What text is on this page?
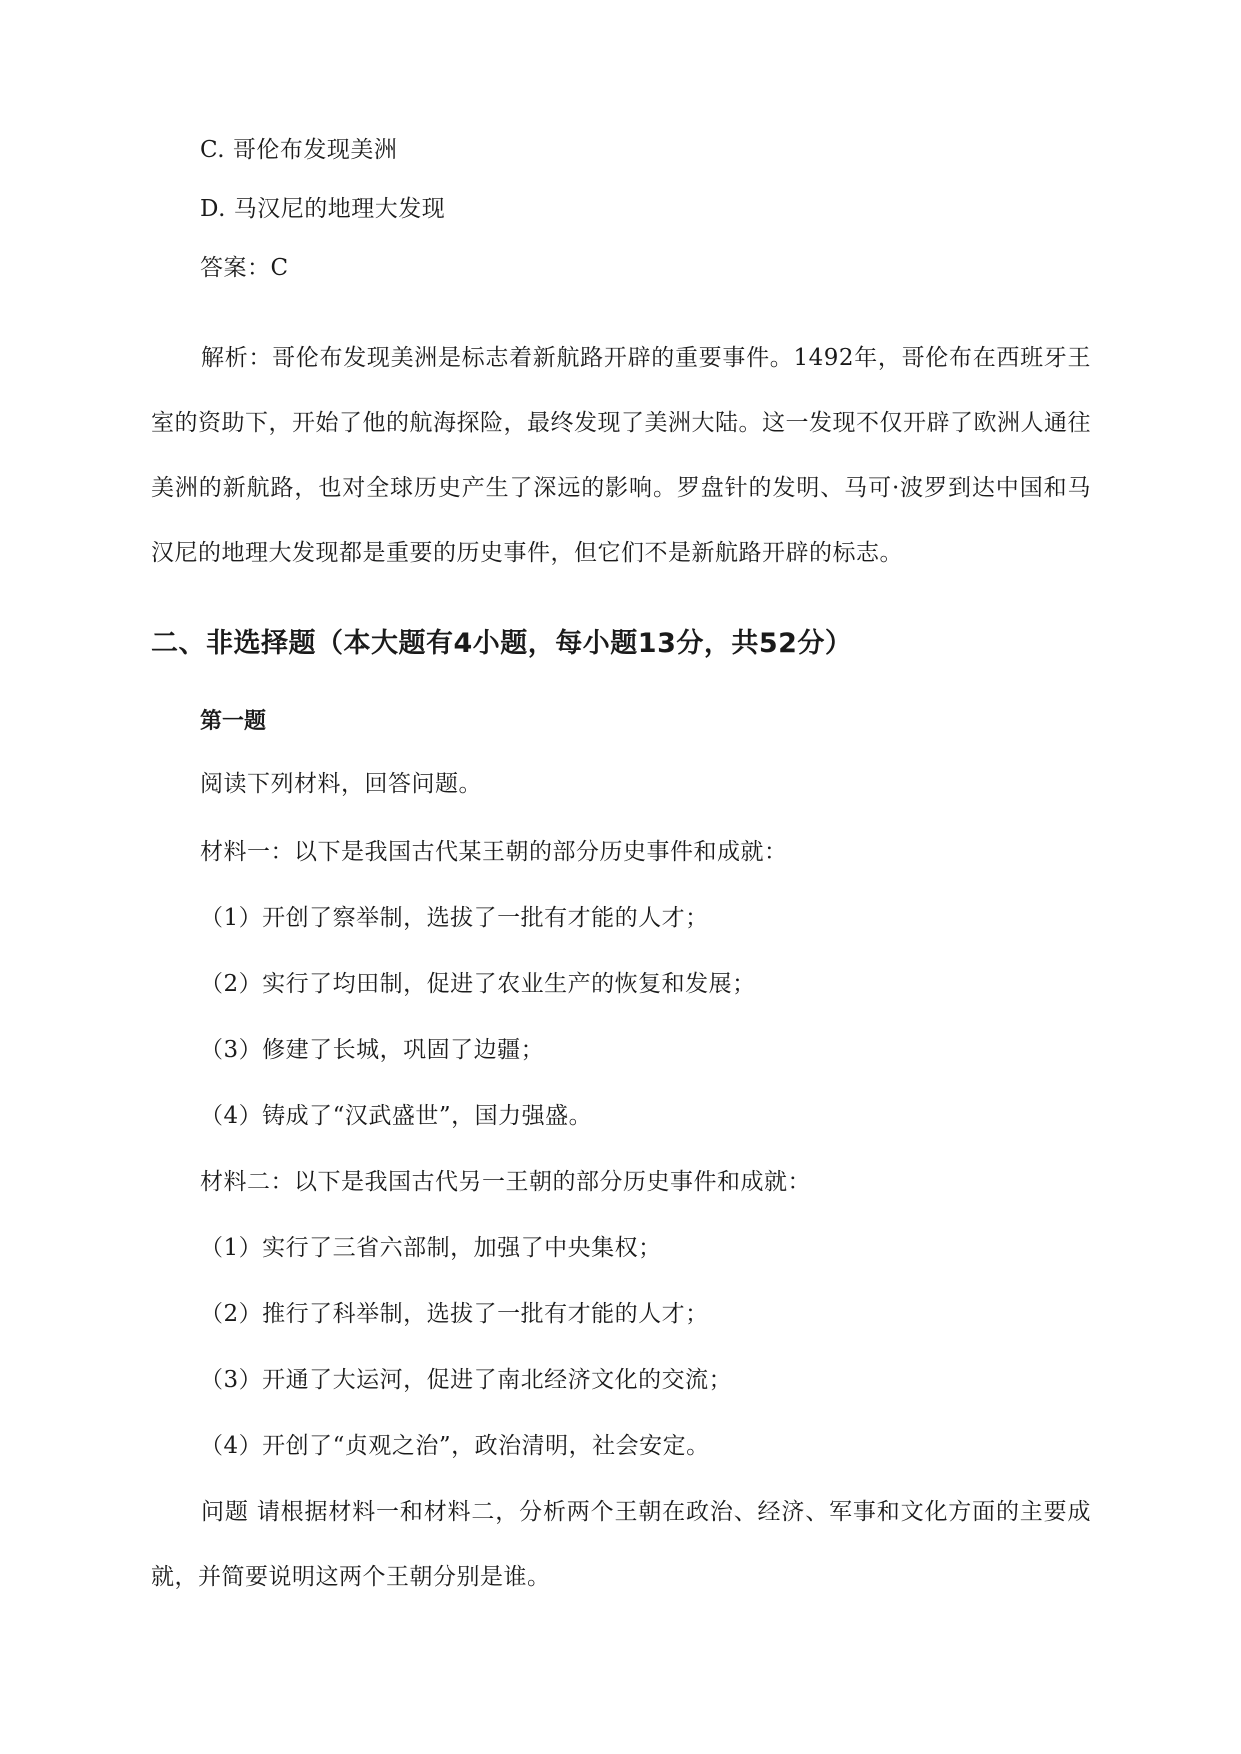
C. 哥伦布发现美洲
D. 马汉尼的地理大发现
答案：C
解析：哥伦布发现美洲是标志着新航路开辟的重要事件。1492年，哥伦布在西班牙王室的资助下，开始了他的航海探险，最终发现了美洲大陆。这一发现不仅开辟了欧洲人通往美洲的新航路，也对全球历史产生了深远的影响。罗盘针的发明、马可·波罗到达中国和马汉尼的地理大发现都是重要的历史事件，但它们不是新航路开辟的标志。
二、非选择题（本大题有4小题，每小题13分，共52分）
第一题
阅读下列材料，回答问题。
材料一：以下是我国古代某王朝的部分历史事件和成就：
（1）开创了察举制，选拔了一批有才能的人才；
（2）实行了均田制，促进了农业生产的恢复和发展；
（3）修建了长城，巩固了边疆；
（4）铸成了“汉武盛世”，国力强盛。
材料二：以下是我国古代另一王朝的部分历史事件和成就：
（1）实行了三省六部制，加强了中央集权；
（2）推行了科举制，选拔了一批有才能的人才；
（3）开通了大运河，促进了南北经济文化的交流；
（4）开创了“贞观之治”，政治清明，社会安定。
问题 请根据材料一和材料二，分析两个王朝在政治、经济、军事和文化方面的主要成就，并简要说明这两个王朝分别是谁。
